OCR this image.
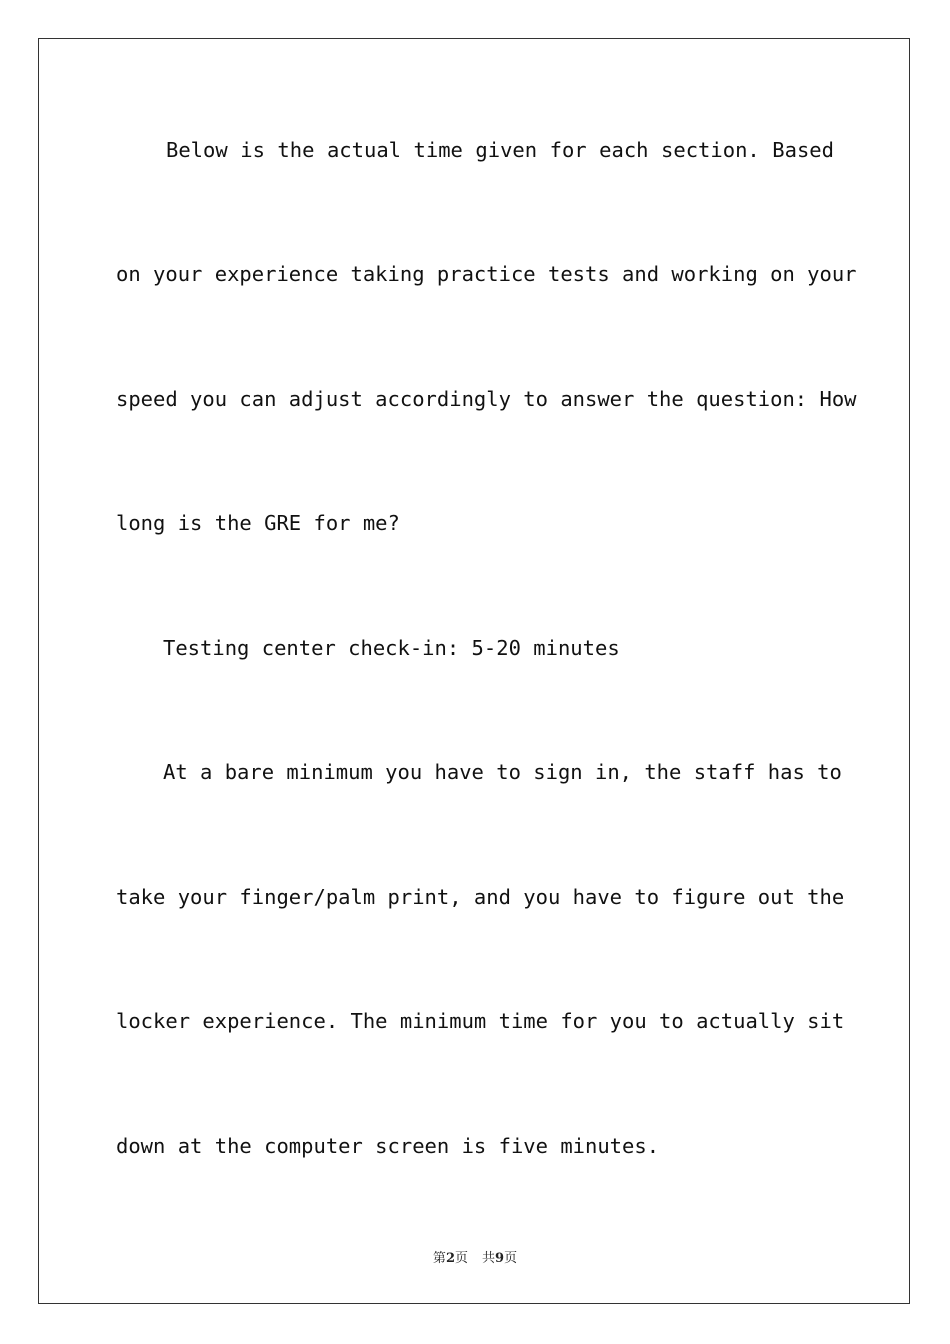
Below is the actual time given for each section. Based
on your experience taking practice tests and working on your
speed you can adjust accordingly to answer the question: How
long is the GRE for me?
Testing center check-in: 5-20 minutes
At a bare minimum you have to sign in, the staff has to
take your finger/palm print, and you have to figure out the
locker experience. The minimum time for you to actually sit
down at the computer screen is five minutes.
第2页 共9页
